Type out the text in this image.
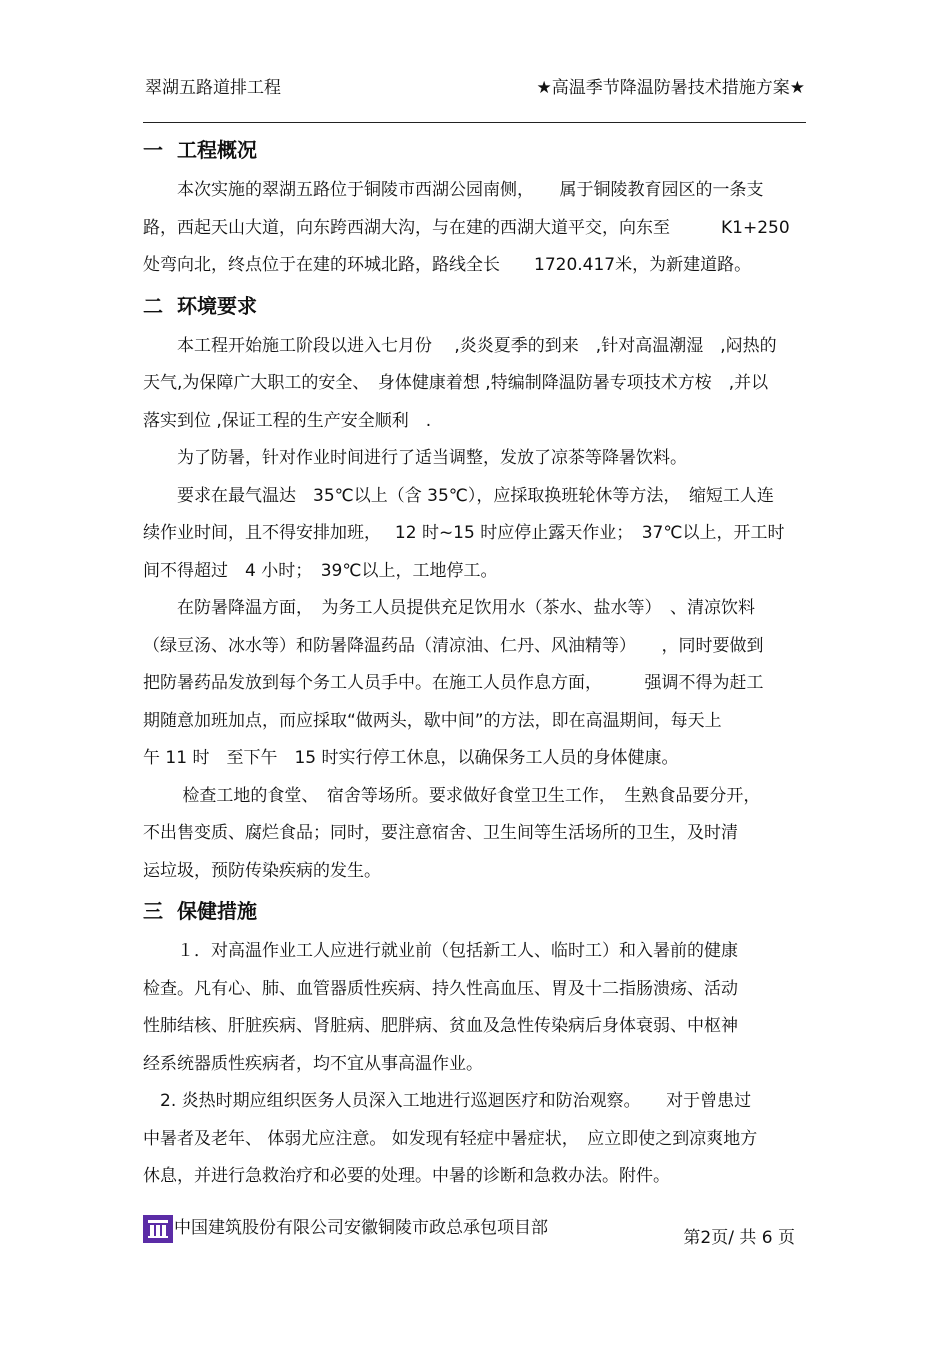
翠湖五路道排工程	★高温季节降温防暑技术措施方案★
一 工程概况

　　本次实施的翠湖五路位于铜陵市西湖公园南侧，　　属于铜陵教育园区的一条支
路，西起天山大道，向东跨西湖大沟，与在建的西湖大道平交，向东至　　　K1+250
处弯向北，终点位于在建的环城北路，路线全长　　1720.417米，为新建道路。

二 环境要求

　　本工程开始施工阶段以进入七月份　 ,炎炎夏季的到来　,针对高温潮湿　,闷热的
天气,为保障广大职工的安全、　身体健康着想 ,特编制降温防暑专项技术方桉　,并以
落实到位 ,保证工程的生产安全顺利　.
　　为了防暑，针对作业时间进行了适当调整，发放了凉茶等降暑饮料。
　　要求在最气温达　35℃以上（含 35℃），应採取换班轮休等方法，　缩短工人连
续作业时间，且不得安排加班，　 12 时~15 时应停止露天作业；　37℃以上，开工时
间不得超过　4 小时；　39℃以上，工地停工。
　　在防暑降温方面，　为务工人员提供充足饮用水（茶水、盐水等）　、清凉饮料
（绿豆汤、冰水等）和防暑降温药品（清凉油、仁丹、风油精等）　　，同时要做到
把防暑药品发放到每个务工人员手中。在施工人员作息方面，　　　强调不得为赶工
期随意加班加点，而应採取“做两头，歇中间”的方法，即在高温期间，每天上
午 11 时　至下午　15 时实行停工休息，以确保务工人员的身体健康。
　　 检查工地的食堂、　宿舍等场所。要求做好食堂卫生工作，　生熟食品要分开，
不出售变质、腐烂食品；同时，要注意宿舍、卫生间等生活场所的卫生，及时清
运垃圾，预防传染疾病的发生。

三 保健措施

　　１．对高温作业工人应进行就业前（包括新工人、临时工）和入暑前的健康
检查。凡有心、肺、血管器质性疾病、持久性高血压、胃及十二指肠溃疡、活动
性肺结核、肝脏疾病、肾脏病、肥胖病、贫血及急性传染病后身体衰弱、中枢神
经系统器质性疾病者，均不宜从事高温作业。
　2. 炎热时期应组织医务人员深入工地进行巡迴医疗和防治观察。　　对于曾患过
中暑者及老年、 体弱尤应注意。 如发现有轻症中暑症状，　应立即使之到凉爽地方
休息，并进行急救治疗和必要的处理。中暑的诊断和急救办法。附件。

中国建筑股份有限公司安徽铜陵市政总承包项目部	第2页/ 共 6 页
